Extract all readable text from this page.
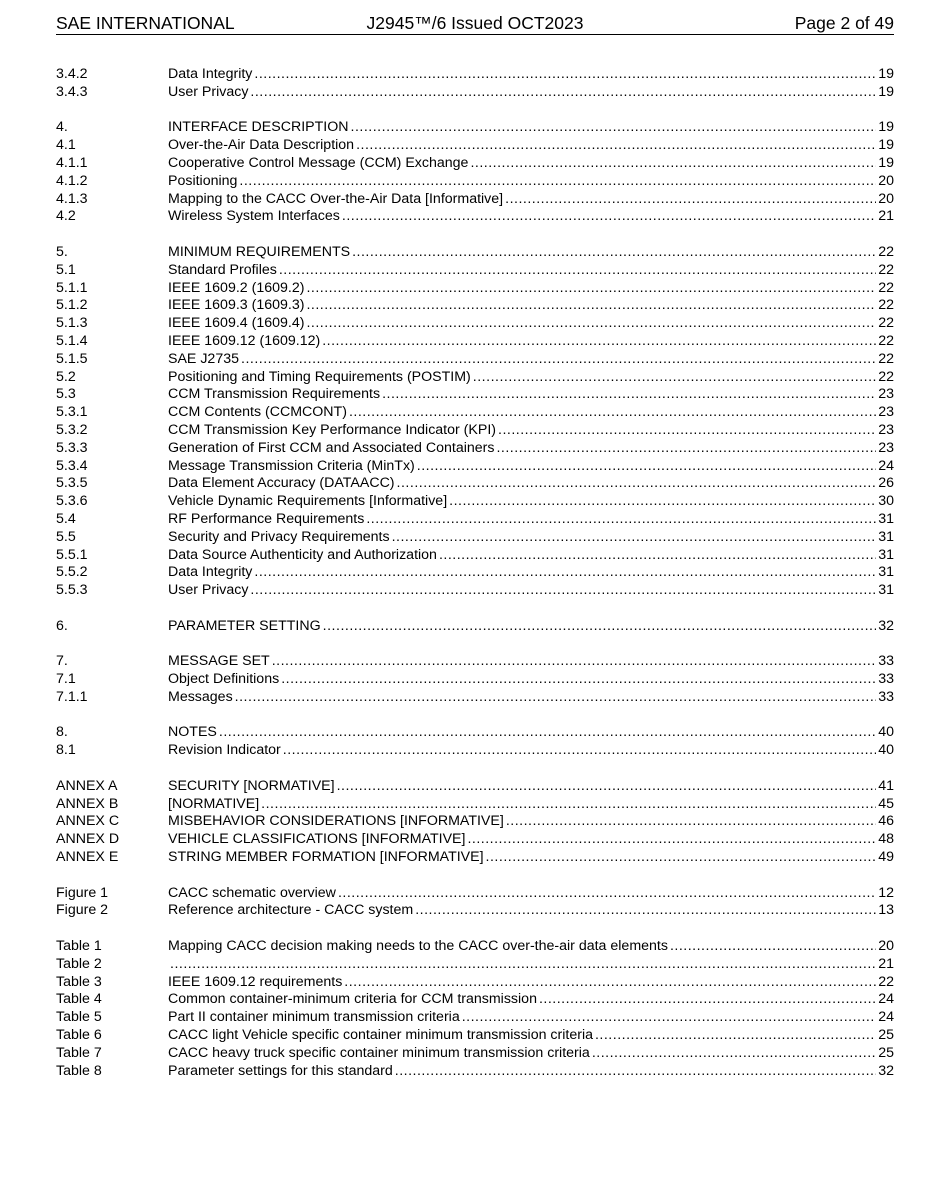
SAE INTERNATIONAL	J2945™/6 Issued OCT2023	Page 2 of 49
3.4.2	Data Integrity .....	19
3.4.3	User Privacy .....	19
4.	INTERFACE DESCRIPTION .....	19
4.1	Over-the-Air Data Description .....	19
4.1.1	Cooperative Control Message (CCM) Exchange .....	19
4.1.2	Positioning .....	20
4.1.3	Mapping to the CACC Over-the-Air Data [Informative] .....	20
4.2	Wireless System Interfaces .....	21
5.	MINIMUM REQUIREMENTS .....	22
5.1	Standard Profiles .....	22
5.1.1	IEEE 1609.2 (1609.2) .....	22
5.1.2	IEEE 1609.3 (1609.3) .....	22
5.1.3	IEEE 1609.4 (1609.4) .....	22
5.1.4	IEEE 1609.12 (1609.12) .....	22
5.1.5	SAE J2735 .....	22
5.2	Positioning and Timing Requirements (POSTIM) .....	22
5.3	CCM Transmission Requirements .....	23
5.3.1	CCM Contents (CCMCONT) .....	23
5.3.2	CCM Transmission Key Performance Indicator (KPI) .....	23
5.3.3	Generation of First CCM and Associated Containers .....	23
5.3.4	Message Transmission Criteria (MinTx) .....	24
5.3.5	Data Element Accuracy (DATAACC) .....	26
5.3.6	Vehicle Dynamic Requirements [Informative] .....	30
5.4	RF Performance Requirements .....	31
5.5	Security and Privacy Requirements .....	31
5.5.1	Data Source Authenticity and Authorization .....	31
5.5.2	Data Integrity .....	31
5.5.3	User Privacy .....	31
6.	PARAMETER SETTING .....	32
7.	MESSAGE SET .....	33
7.1	Object Definitions .....	33
7.1.1	Messages .....	33
8.	NOTES .....	40
8.1	Revision Indicator .....	40
ANNEX A	SECURITY [NORMATIVE] .....	41
ANNEX B	[NORMATIVE] .....	45
ANNEX C	MISBEHAVIOR CONSIDERATIONS [INFORMATIVE] .....	46
ANNEX D	VEHICLE CLASSIFICATIONS [INFORMATIVE] .....	48
ANNEX E	STRING MEMBER FORMATION [INFORMATIVE] .....	49
Figure 1	CACC schematic overview .....	12
Figure 2	Reference architecture - CACC system .....	13
Table 1	Mapping CACC decision making needs to the CACC over-the-air data elements .....	20
Table 2 .....	21
Table 3	IEEE 1609.12 requirements .....	22
Table 4	Common container-minimum criteria for CCM transmission .....	24
Table 5	Part II container minimum transmission criteria .....	24
Table 6	CACC light Vehicle specific container minimum transmission criteria .....	25
Table 7	CACC heavy truck specific container minimum transmission criteria .....	25
Table 8	Parameter settings for this standard .....	32
